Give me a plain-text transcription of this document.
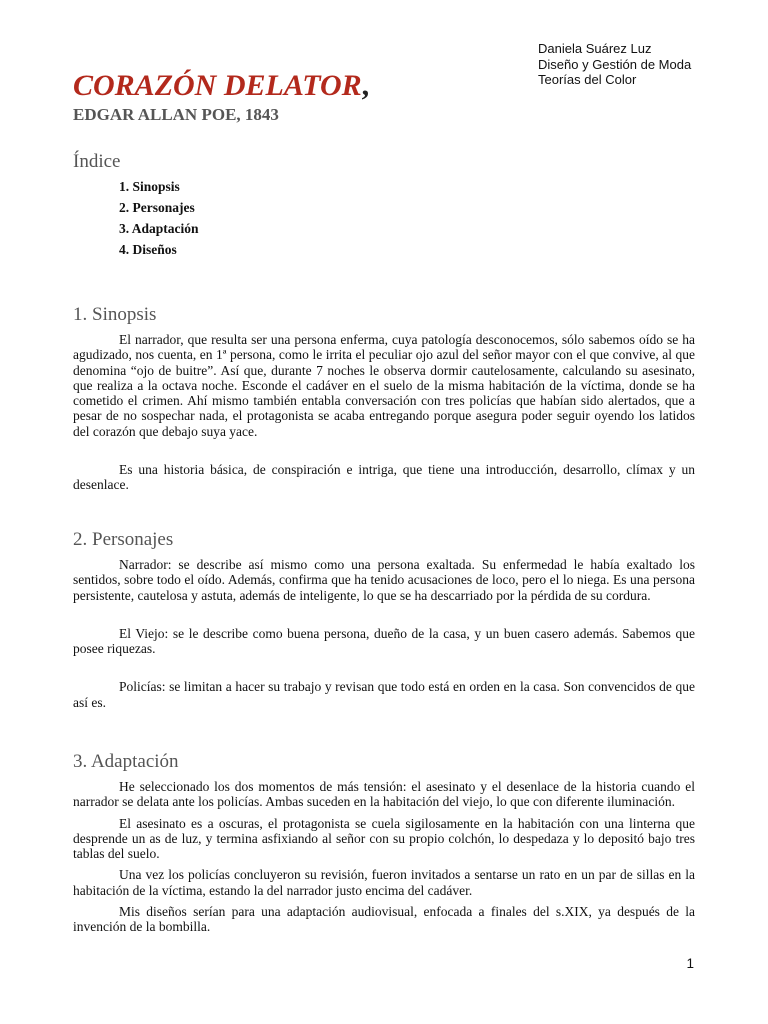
Daniela Suárez Luz
Diseño y Gestión de Moda
Teorías del Color
CORAZÓN DELATOR,
EDGAR ALLAN POE, 1843
Índice
1. Sinopsis
2. Personajes
3. Adaptación
4. Diseños
1. Sinopsis

El narrador, que resulta ser una persona enferma, cuya patología desconocemos, sólo sabemos oído se ha agudizado, nos cuenta, en 1ª persona, como le irrita el peculiar ojo azul del señor mayor con el que convive, al que denomina “ojo de buitre”. Así que, durante 7 noches le observa dormir cautelosamente, calculando su asesinato, que realiza a la octava noche. Esconde el cadáver en el suelo de la misma habitación de la víctima, donde se ha cometido el crimen. Ahí mismo también entabla conversación con tres policías que habían sido alertados, que a pesar de no sospechar nada, el protagonista se acaba entregando porque asegura poder seguir oyendo los latidos del corazón que debajo suya yace.

Es una historia básica, de conspiración e intriga, que tiene una introducción, desarrollo, clímax y un desenlace.

2. Personajes

Narrador: se describe así mismo como una persona exaltada. Su enfermedad le había exaltado los sentidos, sobre todo el oído. Además, confirma que ha tenido acusaciones de loco, pero el lo niega. Es una persona persistente, cautelosa y astuta, además de inteligente, lo que se ha descarriado por la pérdida de su cordura.

El Viejo: se le describe como buena persona, dueño de la casa, y un buen casero además. Sabemos que posee riquezas.

Policías: se limitan a hacer su trabajo y revisan que todo está en orden en la casa. Son convencidos de que así es.

3. Adaptación

He seleccionado los dos momentos de más tensión: el asesinato y el desenlace de la historia cuando el narrador se delata ante los policías. Ambas suceden en la habitación del viejo, lo que con diferente iluminación.

El asesinato es a oscuras, el protagonista se cuela sigilosamente en la habitación con una linterna que desprende un as de luz, y termina asfixiando al señor con su propio colchón, lo despedaza y lo depositó bajo tres tablas del suelo.

Una vez los policías concluyeron su revisión, fueron invitados a sentarse un rato en un par de sillas en la habitación de la víctima, estando la del narrador justo encima del cadáver.

Mis diseños serían para una adaptación audiovisual, enfocada a finales del s.XIX, ya después de la invención de la bombilla.

1
